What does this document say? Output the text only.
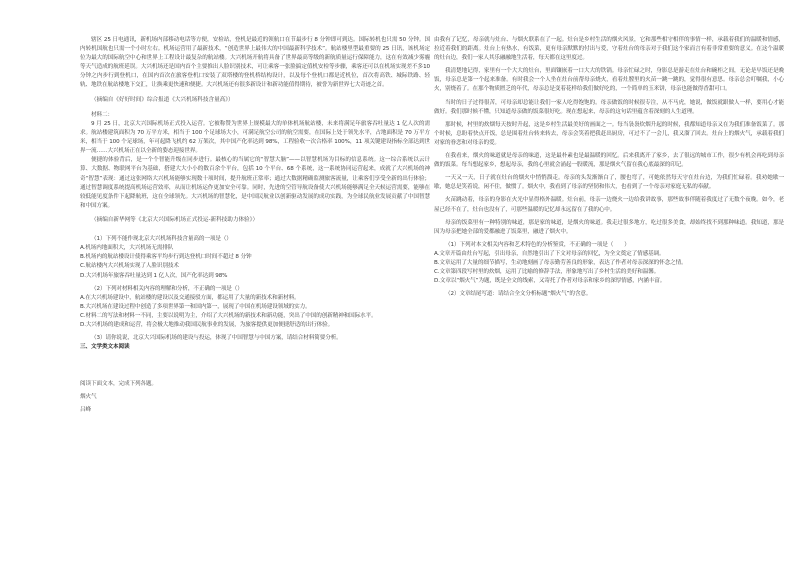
辖区 25 日电通讯，新机场内部移动电话等方便，安检站，登机是最近的领航口在节最步行 8 分钟即可到达。国际转机也只需 50 分钟。国内转机国航也只需一个小时左右。机场运营用了最新技术，“创造世界上最伟大的中国最新科学技术”。航站楼里型最重要的 25 日讯，该机场定位为最大的国际航空中心和世界上工程设计最复杂的航站楼。大兴机场开航将具备了世界最高等级的新航质量运行保障能力，这在有效减少雾霾等天气造成的航班延误。大兴机场还是国内首个主要推出人脸识别技术，可让乘客一张脸搞定值机安检等步骤，乘客还可以在机场实现差不多10分钟之内步行到登机口，在国内首次在旅客登机口安装了双塔楼的登机桥结构设计，以及每个登机口都是近机位，首次将高铁、城际铁路、轻轨、地铁在航站楼地下交汇，让换乘更快速和便捷。大兴机场还有很多新设计和新功能值得期待，被誉为新世界七大奇迹之首。

（摘编自《好好时间》综合报道《大兴机场科技含量高》）

材料二：

9 月 25 日，北京大兴国际机场正式投入运营。它被称赞为世界上规模最大的单体机场航站楼，未来将满足年旅客吞吐量达 1 亿人次的需求。航站楼建筑面积为 70 万平方米，相当于 100 个足球场大小，可满足航空公司的航空需要，在国际上处于领先水平，占地面积是 70 万平方米，相当于 100 个足球场，年可起降飞机约 62 万架次，其中国产化率达到 98%，工程验收一次合格率 100%，11 项关键建设指标全部达到世界一流……大兴机场正在以全新的姿态迎接世界。

便捷的体验背后，是一个个智能升级在同步进行。最核心的当属它的“智慧大脑”——以智慧机场为目标的信息系统。这一综合系统以云计算、大数据、物联网平台为基础，搭建大大小小的数百余个平台，包括 10 个平台、68 个系统，这一系统协同运营起来，成就了大兴机场的神奇“智慧”表现：通过这张网络大兴机场能够实现数十项时间，提升航班正常率；通过大数据精确监测旅客流量，让乘客们享受全新的出行体验；通过智慧调度系统提高机场运营效率，从而让机场运作更加安全可靠。同时，先进的空管导航设备使大兴机场能够满足全天候运营需要，能够在较低能见度条件下起降航班，这在全球领先。大兴机场的智慧化，是中国民航业以创新驱动发展的成功实践，为全球民航业发展贡献了中国智慧和中国方案。

（摘编自新华网等《北京大兴国际机场正式投运-新科技助力体验》）

（1）下列不能作现北京大兴机场科技含量高的一项是（）

A.机场内地面积大，大兴机场无需排队

B.机场内的航站楼设计使得乘客平均步行到达登机口时间不超过 8 分钟

C.航站楼内大兴机场实现了人脸识别技术

D.大兴机场年旅客吞吐量达到 1 亿人次，国产化率达到 98%

（2）下列对材料相关内容的理解和分析，不正确的一项是（）

A.在大兴机场建设中，航站楼的建设以及交通接驳方面，都运用了大量的新技术和新材料。

B.大兴机场在建设过程中创造了多项世界第一和国内第一，展现了中国在机场建设领域的实力。

C.材料二的写法和材料一不同，主要以说明为主，介绍了大兴机场的新技术和新功能，突出了中国的创新精神和国际水平。

D.大兴机场的建成和运营，将会极大地推动我国民航事业的发展，为旅客提供更加便捷舒适的出行体验。

（3）请你说说，北京大兴国际机场的建设与投运，体现了中国智慧与中国方案，请结合材料简要分析。

三、文学类文本阅读

阅读下面文本，完成下列各题。

烟火气

吕峰

由我有了记忆，母亲就与灶台、与烟火联系在了一起。灶台是乡村生活的烟火风景，它和那些相守相伴的事情一样，承载着我们的温暖和情感，拉近着我们的距离。灶台上有热水，有饭菜，更有母亲默默的付出与爱，守着灶台的母亲对于我们这个家而言有着非常重要的意义。在这个温暖的灶台边，我们一家人其乐融融地生活着，每天都在这里度过。

我清楚地记得，家里有一个大大的灶台，里面镶嵌着一口大大的铁锅。母亲忙碌之时，身影总是游走在灶台和碗柜之间，无论是早饭还是晚饭，母亲总是第一个起来准备。有时我会一个人坐在灶台前帮母亲烧火，看着灶膛里的火苗一跳一跳的，觉得很有意思。母亲总会叮嘱我，小心火，别烧着了。在那个物质匮乏的年代，母亲总是变着花样给我们做好吃的，一个简单的玉米饼，母亲也能做得香甜可口。

当时的日子过得很苦，可母亲却总能让我们一家人吃得饱饱的。母亲做饭的时候很专注，从不马虎，她说，做饭就跟做人一样，要用心才能做好。我们那时候不懂，只知道母亲做的饭菜很好吃。现在想起来，母亲的这句话里蕴含着深刻的人生道理。

那时候，村里的炊烟每天按时升起，这是乡村生活最美好的画面之一。每当袅袅炊烟升起的时候，我都知道母亲又在为我们准备饭菜了。那个时候，总盼着快点开饭，总是围着灶台转来转去，母亲会笑着把我赶出厨房，可过不了一会儿，我又溜了回去。灶台上的烟火气，承载着我们对家的眷恋和对母亲的爱。

在我看来，烟火的味道就是母亲的味道，这是最朴素也是最温暖的回忆。后来我离开了家乡，去了很远的城市工作，很少有机会再吃到母亲做的饭菜。每当想起家乡，想起母亲，我的心里就会涌起一股暖流，那是烟火气留在我心底最深的印记。

一天又一天，日子就在灶台的烟火中悄悄溜走。母亲的头发渐渐白了，腰也弯了，可她依然每天守在灶台边，为我们忙碌着。我劝她歇一歇，她总是笑着说，闲不住，做惯了。烟火中，我看到了母亲的坚韧和伟大，也看到了一个母亲对家庭无私的奉献。

火苗跳动着，母亲的身影在火光中显得格外温暖。灶台前，母亲一边烧火一边给我讲故事，那些故事伴随着我度过了无数个夜晚。如今，老屋已经不在了，灶台也没有了，可那些温暖的记忆却永远留在了我的心中。

母亲的饭菜里有一种特别的味道，那是家的味道，是烟火的味道。我走过很多地方，吃过很多美食，却始终找不到那种味道。我知道，那是因为母亲把她全部的爱都融进了饭菜里，融进了烟火中。

（1）下列对本文相关内容和艺术特色的分析鉴赏，不正确的一项是（　　）

A.文章开篇由灶台写起，引出母亲，自然地引出了下文对母亲的回忆，为全文奠定了情感基调。

B.文章运用了大量的细节描写，生动地刻画了母亲勤劳善良的形象，表达了作者对母亲深深的怀念之情。

C.文章第四段写村里的炊烟，运用了比喻的修辞手法，形象地写出了乡村生活的美好和温馨。

D.文章以“烟火气”为题，既是全文的线索，又寄托了作者对母亲和家乡的深厚情感，内涵丰富。

（2）文章结尾写道：请结合全文分析标题“烟火气”的含意。
